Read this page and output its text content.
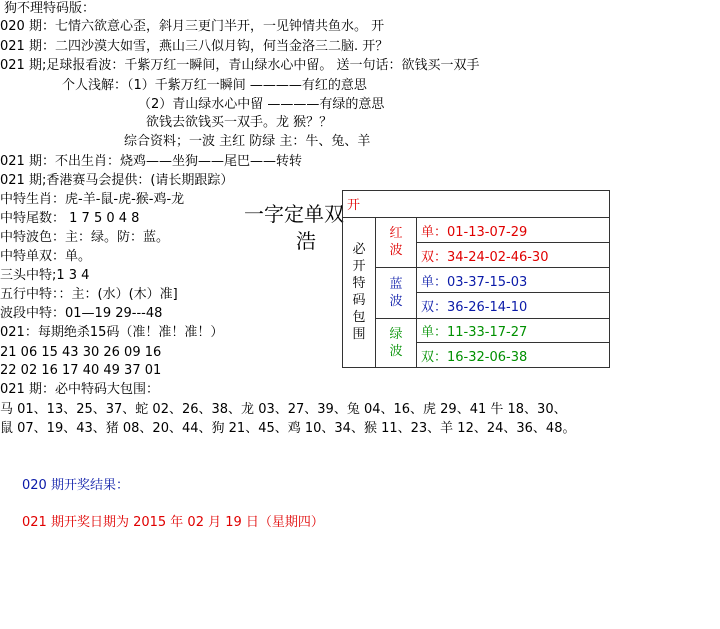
狗不理特码版：
020 期：七情六欲意心歪，斜月三更门半开，一见钟情共鱼水。 开
021 期：二四沙漠大如雪，燕山三八似月钩，何当金洛三二脑. 开？
021 期;足球报看波：千紫万红一瞬间，青山绿水心中留。 送一句话：欲钱买一双手
个人浅解：（1）千紫万红一瞬间 ————有红的意思
（2）青山绿水心中留 ————有绿的意思
欲钱去欲钱买一双手。龙 猴？？
综合资料；一波 主红 防绿 主：牛、兔、羊
021 期：不出生肖：烧鸡——坐狗——尾巴——转转
021 期;香港赛马会提供：(请长期跟踪）
中特生肖：虎-羊-鼠-虎-猴-鸡-龙
中特尾数： 1 7 5 0 4 8
中特波色：主：绿。防：蓝。
中特单双：单。
三头中特;1 3 4
五行中特：：主：(水）(木）准]
波段中特：01—19 29---48
021：每期绝杀15码（准！准！准！）
21 06 15 43 30 26 09 16
22 02 16 17 40 49 37 01
021 期：必中特码大包围：
马 01、13、25、37、蛇 02、26、38、龙 03、27、39、兔 04、16、虎 29、41 牛 18、30、
鼠 07、19、43、猪 08、20、44、狗 21、45、鸡 10、34、猴 11、23、羊 12、24、36、48。
一字定单双
浩
开		
必开特码包围	红波	单：01-13-07-29
		双：34-24-02-46-30
	蓝波	单：03-37-15-03
		双：36-26-14-10
	绿波	单：11-33-17-27
		双：16-32-06-38
020 期开奖结果：
021 期开奖日期为 2015 年 02 月 19 日（星期四）
